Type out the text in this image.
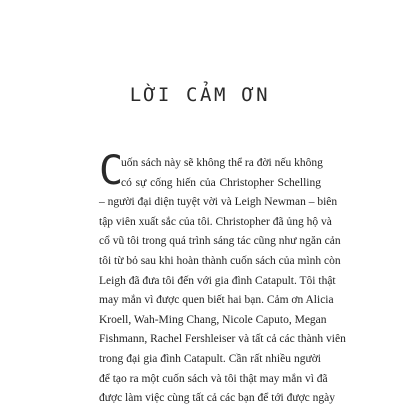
LỜI CẢM ƠN
C
uốn sách này sẽ không thể ra đời nếu không
có sự cống hiến của Christopher Schelling
– người đại diện tuyệt vời và Leigh Newman – biên
tập viên xuất sắc của tôi. Christopher đã ủng hộ và
cổ vũ tôi trong quá trình sáng tác cũng như ngăn cản
tôi từ bỏ sau khi hoàn thành cuốn sách của mình còn
Leigh đã đưa tôi đến với gia đình Catapult. Tôi thật
may mắn vì được quen biết hai bạn. Cảm ơn Alicia
Kroell, Wah-Ming Chang, Nicole Caputo, Megan
Fishmann, Rachel Fershleiser và tất cả các thành viên
trong đại gia đình Catapult. Cần rất nhiều người
để tạo ra một cuốn sách và tôi thật may mắn vì đã
được làm việc cùng tất cả các bạn để tới được ngày
